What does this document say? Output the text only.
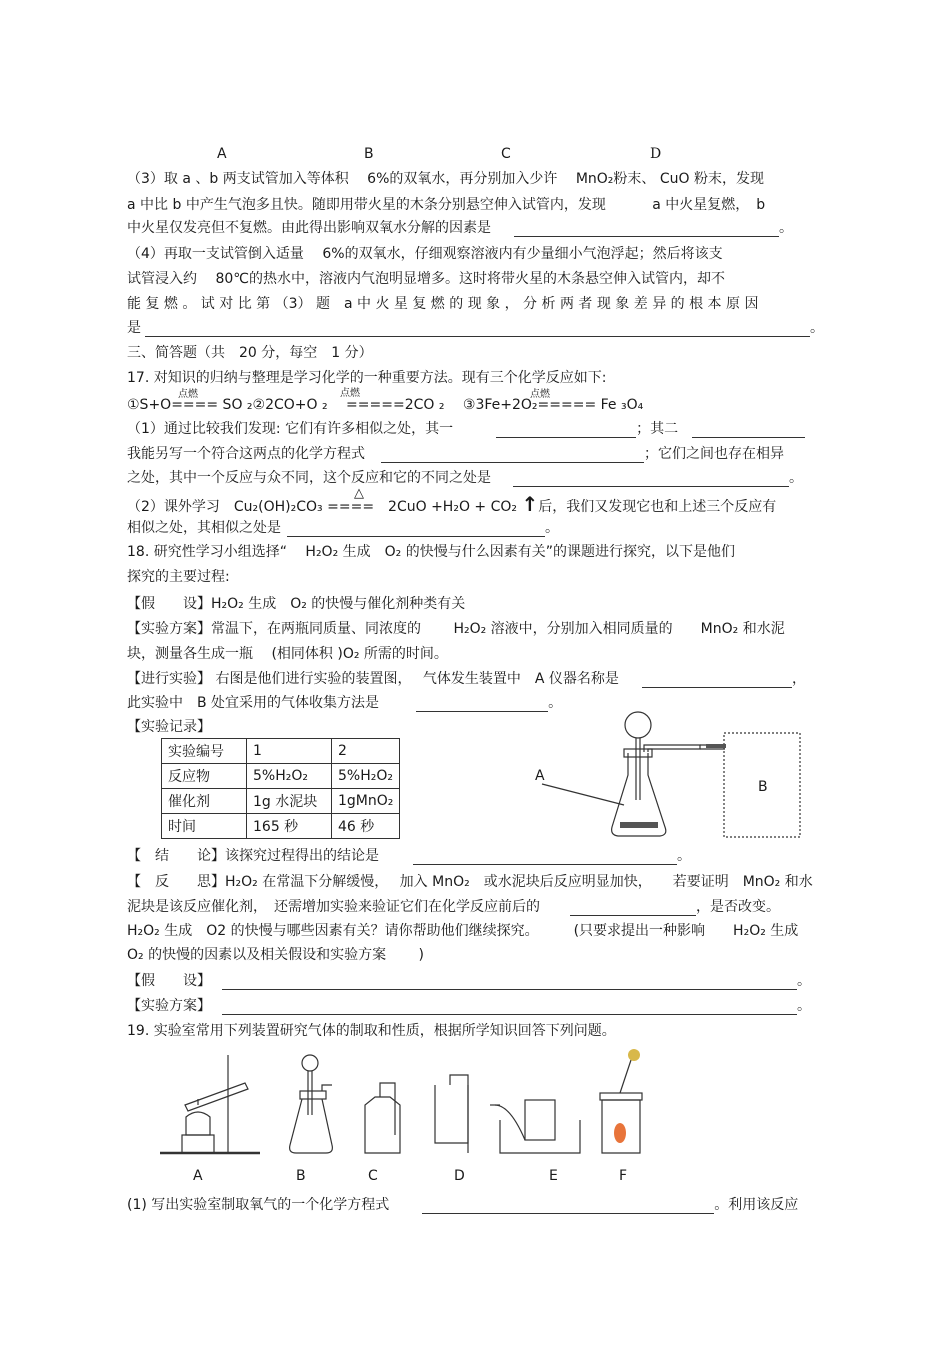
A	B	C	D
（3）取 a 、b 两支试管加入等体积　 6%的双氧水，再分别加入少许　 MnO₂粉末、 CuO 粉末，发现
a 中比 b 中产生气泡多且快。随即用带火星的木条分别悬空伸入试管内，发现　　　 a 中火星复燃，　b
中火星仅发亮但不复燃。由此得出影响双氧水分解的因素是	。
（4）再取一支试管倒入适量　 6%的双氧水，仔细观察溶液内有少量细小气泡浮起；然后将该支
试管浸入约　 80℃的热水中，溶液内气泡明显增多。这时将带火星的木条悬空伸入试管内，却不
能 复 燃 。 试 对 比 第 （3） 题　a 中 火 星 复 燃 的 现 象 ， 分 析 两 者 现 象 差 异 的 根 本 原 因
是	。
三、简答题（共　20 分，每空　1 分）
17. 对知识的归纳与整理是学习化学的一种重要方法。现有三个化学反应如下:
点燃	点燃	点燃
①S+O==== SO ₂②2CO+O ₂　 =====2CO ₂　 ③3Fe+2O₂===== Fe ₃O₄
（1）通过比较我们发现: 它们有许多相似之处，其一	；其二
我能另写一个符合这两点的化学方程式	；它们之间也存在相异
之处，其中一个反应与众不同，这个反应和它的不同之处是	。
△
（2）课外学习　Cu₂(OH)₂CO₃ ====　2CuO +H₂O + CO₂ ↑后，我们又发现它也和上述三个反应有
相似之处，其相似之处是	。
18. 研究性学习小组选择“　 H₂O₂ 生成　O₂ 的快慢与什么因素有关”的课题进行探究，以下是他们
探究的主要过程:
【假　　设】H₂O₂ 生成　O₂ 的快慢与催化剂种类有关
【实验方案】常温下，在两瓶同质量、同浓度的　　 H₂O₂ 溶液中，分别加入相同质量的　　MnO₂ 和水泥
块，测量各生成一瓶　 (相同体积 )O₂ 所需的时间。
【进行实验】 右图是他们进行实验的装置图，　 气体发生装置中　A 仪器名称是	，
此实验中　B 处宜采用的气体收集方法是	。
【实验记录】
实验编号	1	2
反应物	5%H₂O₂	5%H₂O₂
催化剂	1g 水泥块	1gMnO₂
时间	165 秒	46 秒
A
B
【　结　　论】该探究过程得出的结论是	。
【　反　　思】H₂O₂ 在常温下分解缓慢，　 加入 MnO₂　或水泥块后反应明显加快，　　若要证明　MnO₂ 和水
泥块是该反应催化剂，　还需增加实验来验证它们在化学反应前后的	，是否改变。
H₂O₂ 生成　O2 的快慢与哪些因素有关？请你帮助他们继续探究。　　　(只要求提出一种影响　　H₂O₂ 生成
O₂ 的快慢的因素以及相关假设和实验方案　　 )
【假　　设】	。
【实验方案】	。
19. 实验室常用下列装置研究气体的制取和性质，根据所学知识回答下列问题。
A	B	C	D	E	F
(1) 写出实验室制取氧气的一个化学方程式	。利用该反应
